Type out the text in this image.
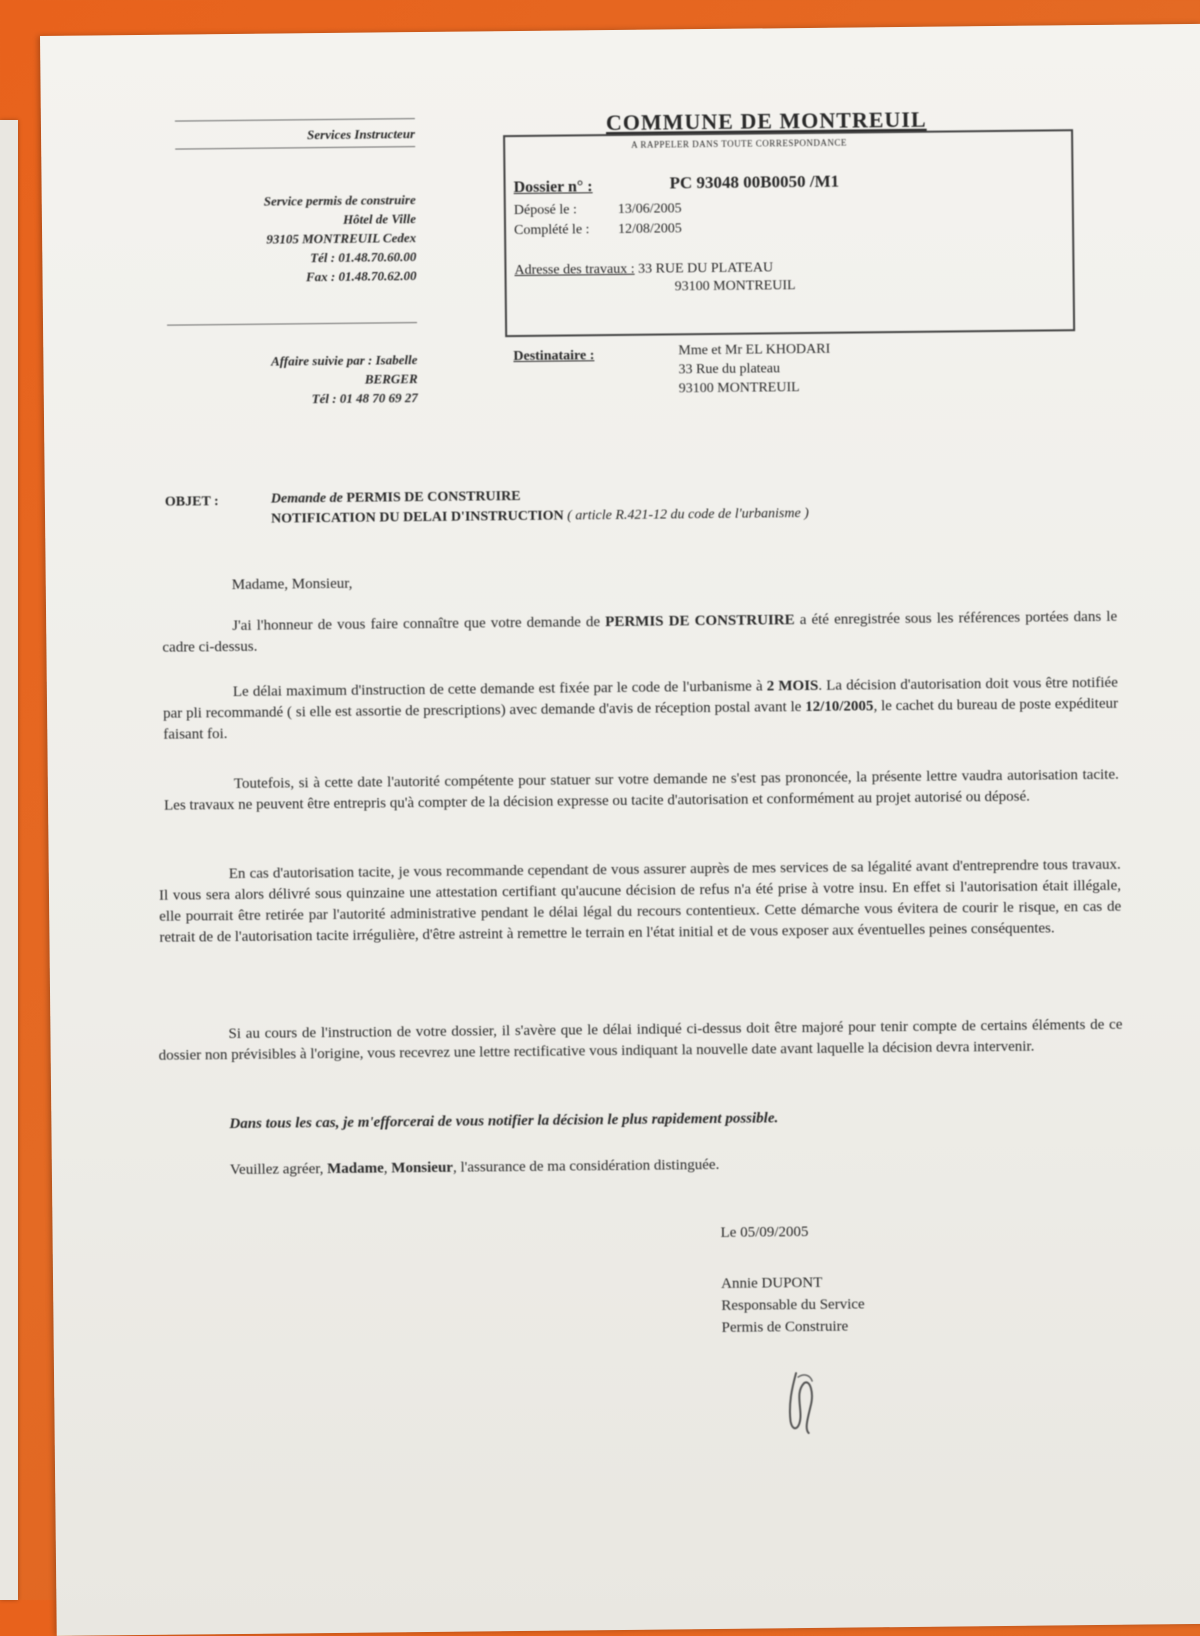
Services Instructeur
Service permis de construire
Hôtel de Ville
93105 MONTREUIL Cedex
Tél : 01.48.70.60.00
Fax : 01.48.70.62.00
Affaire suivie par : Isabelle
BERGER
Tél : 01 48 70 69 27
COMMUNE DE MONTREUIL
A RAPPELER DANS TOUTE CORRESPONDANCE
Dossier n° :	PC 93048 00B0050 /M1
Déposé le :	13/06/2005
Complété le : 12/08/2005
Adresse des travaux : 33 RUE DU PLATEAU
93100 MONTREUIL
Destinataire :	Mme et Mr EL KHODARI
33 Rue du plateau
93100 MONTREUIL
OBJET :	Demande de PERMIS DE CONSTRUIRE
NOTIFICATION DU DELAI D'INSTRUCTION ( article R.421-12 du code de l'urbanisme )
Madame, Monsieur,
J'ai l'honneur de vous faire connaître que votre demande de PERMIS DE CONSTRUIRE a été enregistrée sous les références portées dans le cadre ci-dessus.
Le délai maximum d'instruction de cette demande est fixée par le code de l'urbanisme à 2 MOIS. La décision d'autorisation doit vous être notifiée par pli recommandé ( si elle est assortie de prescriptions) avec demande d'avis de réception postal avant le 12/10/2005, le cachet du bureau de poste expéditeur faisant foi.
Toutefois, si à cette date l'autorité compétente pour statuer sur votre demande ne s'est pas prononcée, la présente lettre vaudra autorisation tacite. Les travaux ne peuvent être entrepris qu'à compter de la décision expresse ou tacite d'autorisation et conformément au projet autorisé ou déposé.
En cas d'autorisation tacite, je vous recommande cependant de vous assurer auprès de mes services de sa légalité avant d'entreprendre tous travaux. Il vous sera alors délivré sous quinzaine une attestation certifiant qu'aucune décision de refus n'a été prise à votre insu. En effet si l'autorisation était illégale, elle pourrait être retirée par l'autorité administrative pendant le délai légal du recours contentieux. Cette démarche vous évitera de courir le risque, en cas de retrait de de l'autorisation tacite irrégulière, d'être astreint à remettre le terrain en l'état initial et de vous exposer aux éventuelles peines conséquentes.
Si au cours de l'instruction de votre dossier, il s'avère que le délai indiqué ci-dessus doit être majoré pour tenir compte de certains éléments de ce dossier non prévisibles à l'origine, vous recevrez une lettre rectificative vous indiquant la nouvelle date avant laquelle la décision devra intervenir.
Dans tous les cas, je m'efforcerai de vous notifier la décision le plus rapidement possible.
Veuillez agréer, Madame, Monsieur, l'assurance de ma considération distinguée.
Le 05/09/2005
Annie DUPONT
Responsable du Service
Permis de Construire
